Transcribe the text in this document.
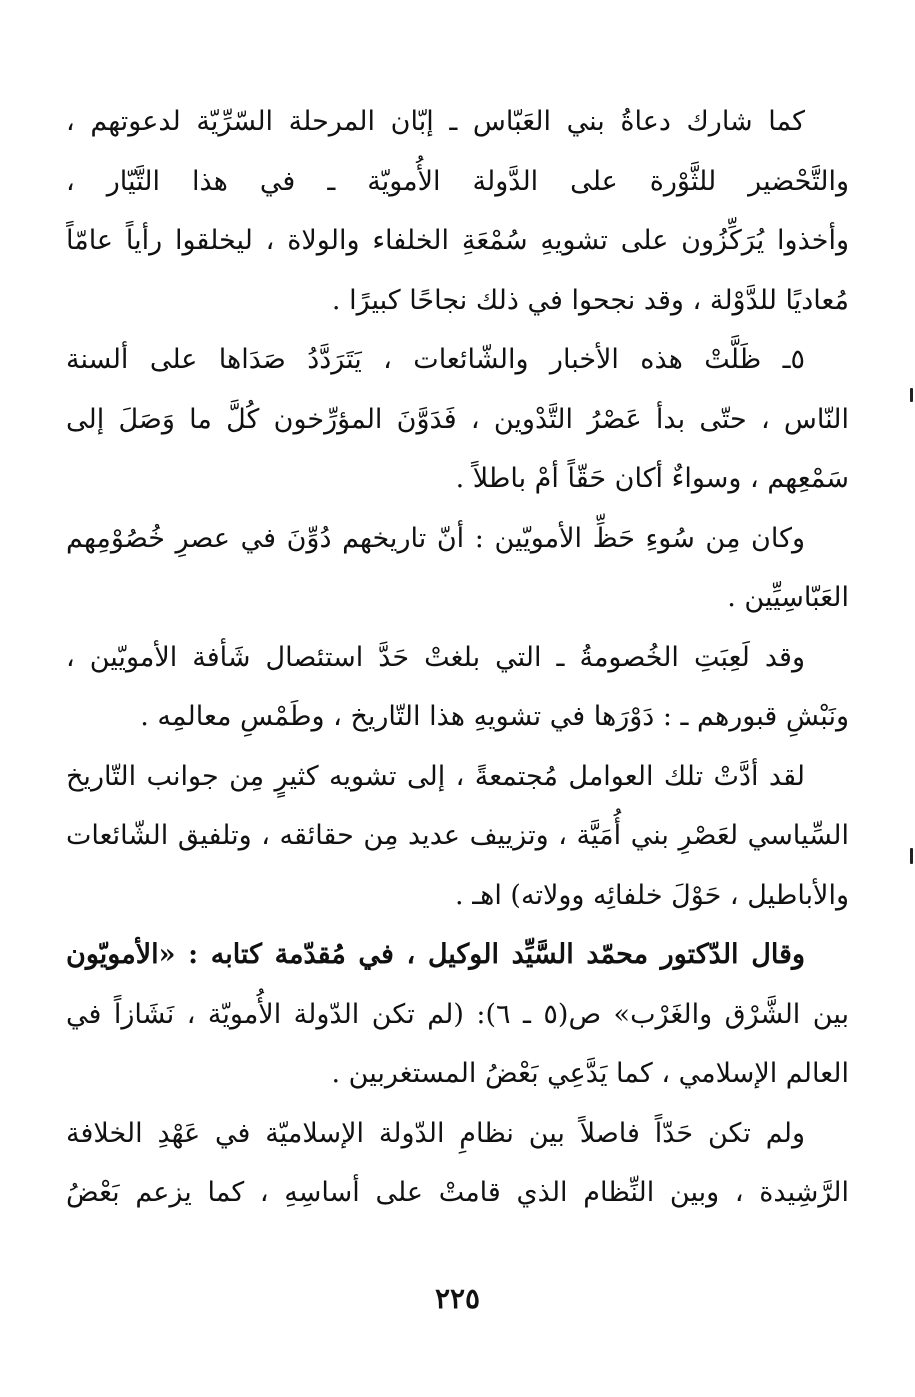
كما شارك دعاةُ بني العَبّاس ـ إبّان المرحلة السّرِّيّة لدعوتهم ،
والتَّحْضير للثَّوْرة على الدَّولة الأُمويّة ـ في هذا التَّيّار ،
وأخذوا يُرَكِّزُون على تشويهِ سُمْعَةِ الخلفاء والولاة ، ليخلقوا رأياً عامّاً
مُعاديًا للدَّوْلة ، وقد نجحوا في ذلك نجاحًا كبيرًا .
٥ـ ظَلَّتْ هذه الأخبار والشّائعات ، يَتَرَدَّدُ صَدَاها على ألسنة
النّاس ، حتّى بدأ عَصْرُ التَّدْوين ، فَدَوَّنَ المؤرِّخون كُلَّ ما وَصَلَ إلى
سَمْعِهم ، وسواءٌ أكان حَقّاً أمْ باطلاً .
وكان مِن سُوءِ حَظِّ الأمويّين : أنّ تاريخهم دُوِّنَ في عصرِ خُصُوْمِهم
العَبّاسِيِّين .
وقد لَعِبَتِ الخُصومةُ ـ التي بلغتْ حَدَّ استئصال شَأفة الأمويّين ،
ونَبْشِ قبورهم ـ : دَوْرَها في تشويهِ هذا التّاريخ ، وطَمْسِ معالمِه .
لقد أدَّتْ تلك العوامل مُجتمعةً ، إلى تشويه كثيرٍ مِن جوانب التّاريخ
السِّياسي لعَصْرِ بني أُمَيَّة ، وتزييف عديد مِن حقائقه ، وتلفيق الشّائعات
والأباطيل ، حَوْلَ خلفائِه وولاته) اهـ .
وقال الدّكتور محمّد السَّيِّد الوكيل ، في مُقدّمة كتابه : «الأمويّون
بين الشَّرْق والغَرْب» ص(٥ ـ ٦): (لم تكن الدّولة الأُمويّة ، نَشَازاً في
العالم الإسلامي ، كما يَدَّعِي بَعْضُ المستغربين .
ولم تكن حَدّاً فاصلاً بين نظامِ الدّولة الإسلاميّة في عَهْدِ الخلافة
الرَّشِيدة ، وبين النِّظام الذي قامتْ على أساسِهِ ، كما يزعم بَعْضُ
٢٢٥
